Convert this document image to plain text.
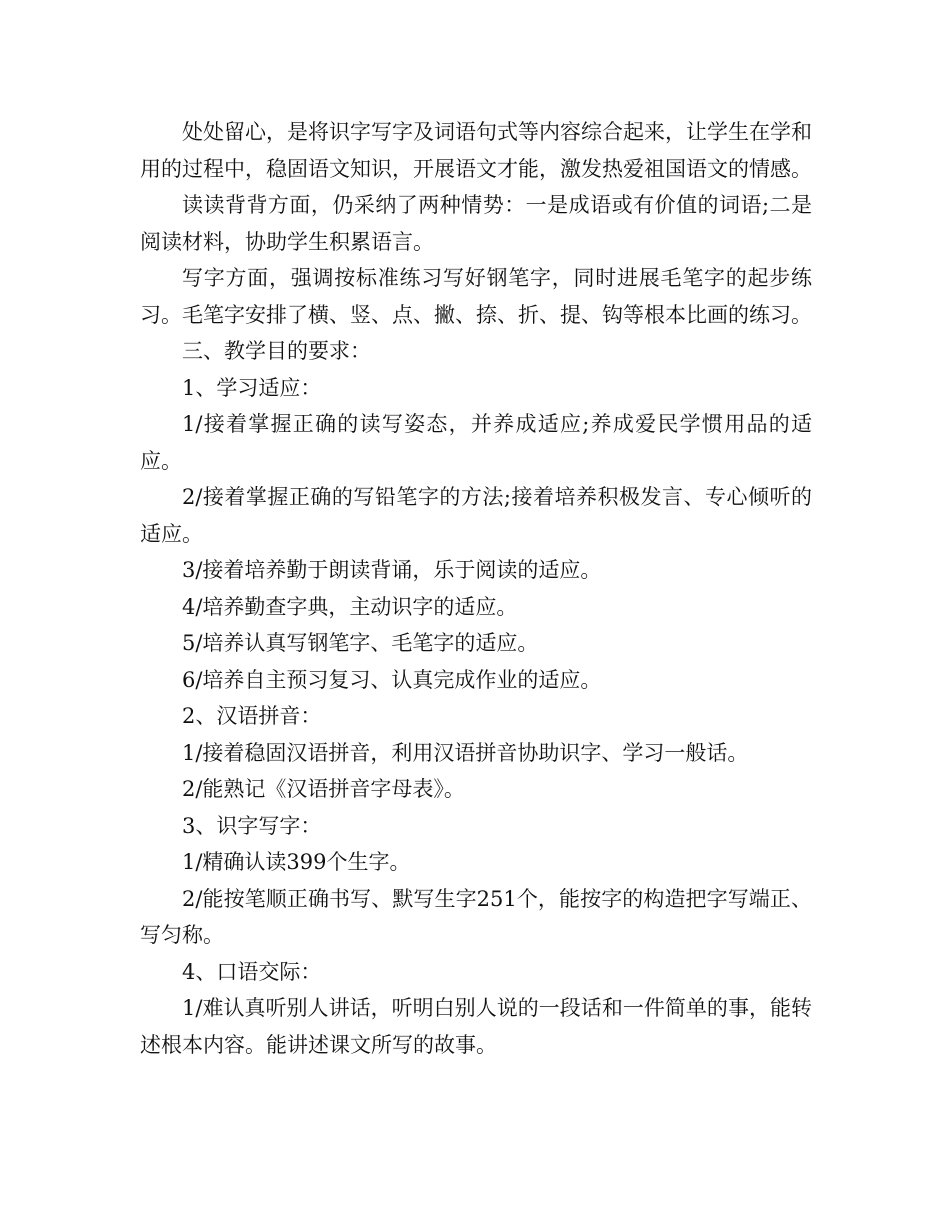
处处留心，是将识字写字及词语句式等内容综合起来，让学生在学和用的过程中，稳固语文知识，开展语文才能，激发热爱祖国语文的情感。

读读背背方面，仍采纳了两种情势：一是成语或有价值的词语;二是阅读材料，协助学生积累语言。

写字方面，强调按标准练习写好钢笔字，同时进展毛笔字的起步练习。毛笔字安排了横、竖、点、撇、捺、折、提、钩等根本比画的练习。

三、教学目的要求：

1、学习适应：

1/接着掌握正确的读写姿态，并养成适应;养成爱民学惯用品的适应。

2/接着掌握正确的写铅笔字的方法;接着培养积极发言、专心倾听的适应。

3/接着培养勤于朗读背诵，乐于阅读的适应。

4/培养勤查字典，主动识字的适应。

5/培养认真写钢笔字、毛笔字的适应。

6/培养自主预习复习、认真完成作业的适应。

2、汉语拼音：

1/接着稳固汉语拼音，利用汉语拼音协助识字、学习一般话。

2/能熟记《汉语拼音字母表》。

3、识字写字：

1/精确认读399个生字。

2/能按笔顺正确书写、默写生字251个，能按字的构造把字写端正、写匀称。

4、口语交际：

1/难认真听别人讲话，听明白别人说的一段话和一件简单的事，能转述根本内容。能讲述课文所写的故事。
